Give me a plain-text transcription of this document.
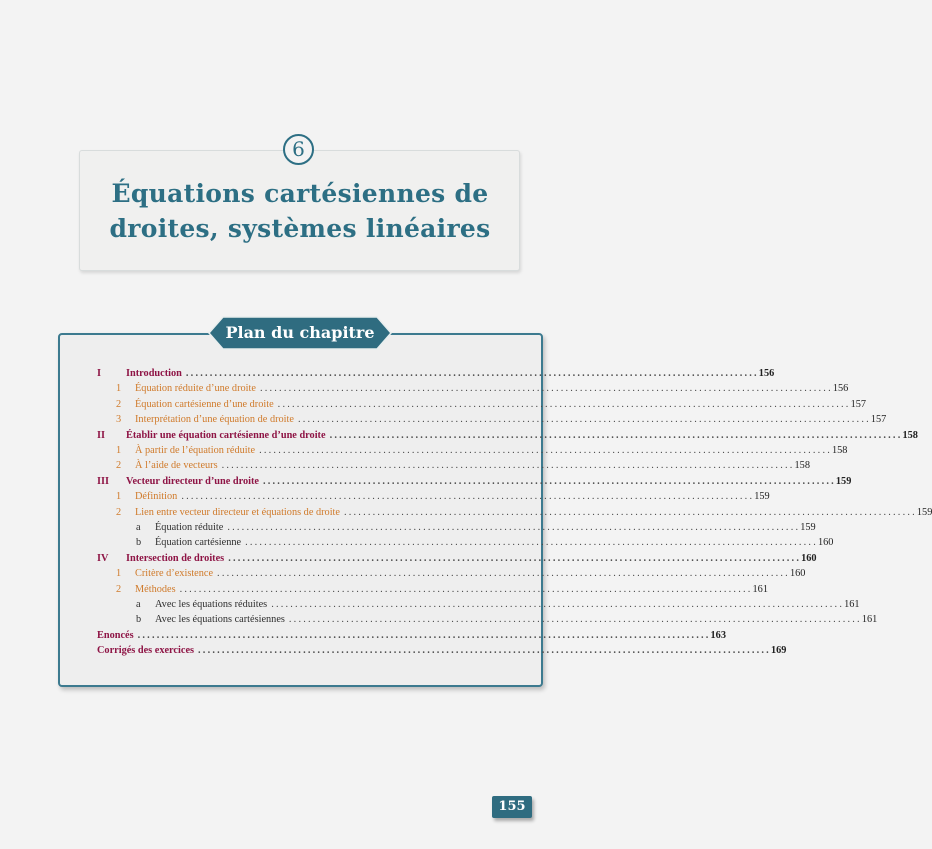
6
Équations cartésiennes de
droites, systèmes linéaires
Plan du chapitre
I Introduction ........................................................................................................................ 156
1 Équation réduite d’une droite ........................................................................................................................ 156
2 Équation cartésienne d’une droite ........................................................................................................................ 157
3 Interprétation d’une équation de droite ........................................................................................................................ 157
II Établir une équation cartésienne d’une droite ........................................................................................................................ 158
1 À partir de l’équation réduite ........................................................................................................................ 158
2 À l’aide de vecteurs ........................................................................................................................ 158
III Vecteur directeur d’une droite ........................................................................................................................ 159
1 Définition ........................................................................................................................ 159
2 Lien entre vecteur directeur et équations de droite ........................................................................................................................ 159
a Équation réduite ........................................................................................................................ 159
b Équation cartésienne ........................................................................................................................ 160
IV Intersection de droites ........................................................................................................................ 160
1 Critère d’existence ........................................................................................................................ 160
2 Méthodes ........................................................................................................................ 161
a Avec les équations réduites ........................................................................................................................ 161
b Avec les équations cartésiennes ........................................................................................................................ 161
Enoncés ........................................................................................................................ 163
Corrigés des exercices ........................................................................................................................ 169
155
